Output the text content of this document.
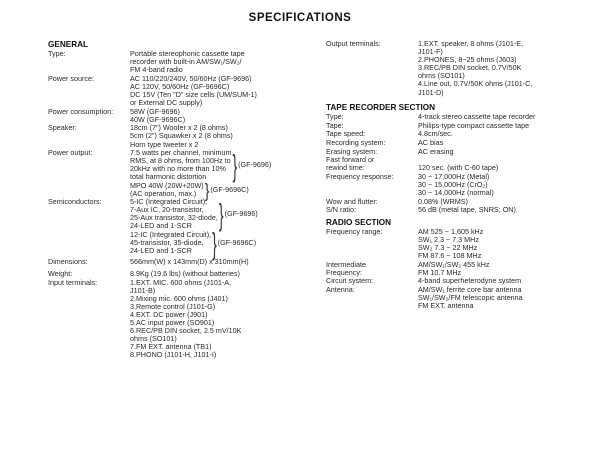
SPECIFICATIONS
GENERAL
Type:	Portable stereophonic cassette tape
recorder with built-in AM/SW₁/SW₂/
FM 4-band radio
Power source:	AC 110/220/240V, 50/60Hz (GF-9696)
AC 120V, 50/60Hz (GF-9696C)
DC 15V (Ten "D" size cells (UM/SUM-1)
or External DC supply)
Power consumption:	58W (GF-9696)
40W (GF-9696C)
Speaker:	18cm (7") Woofer x 2 (8 ohms)
5cm (2") Squawker x 2 (8 ohms)
Horn type tweeter x 2
Power output:	7.5 watts per channel, minimum
RMS, at 8 ohms, from 100Hz to
20kHz with no more than 10%
total harmonic distortion	} (GF-9696)
MPO 40W (20W+20W)
(AC operation, max.) } (GF-9696C)
Semiconductors:	5-IC (Integrated Circuit),
7-Aux IC, 20-transistor,
25-Aux transistor, 32-diode,
24-LED and 1-SCR	} (GF-9696)
12-IC (Integrated Circuit),
45-transistor, 35-diode,
24-LED and 1-SCR	} (GF-9696C)
Dimensions:	566mm(W) x 143mm(D) x 310mm(H)
Weight:	8.9Kg (19.6 lbs) (without batteries)
Input terminals:	1.EXT. MIC. 600 ohms (J101-A,
J101-B)
2.Mixing mic. 600 ohms (J401)
3.Remote control (J101-G)
4.EXT. DC power (J901)
5.AC input power (SO901)
6.REC/PB DIN socket, 2.5 mV/10K
ohms (SO101)
7.FM EXT. antenna (TB1)
8.PHONO (J101-H, J101-I)
Output terminals:	1.EXT. speaker, 8 ohms (J101-E,
J101-F)
2.PHONES, 8~25 ohms (J603)
3.REC/PB DIN socket, 0.7V/50K
ohms (SO101)
4.Line out, 0.7V/50K ohms (J101-C,
J101-D)
TAPE RECORDER SECTION
Type:	4-track stereo cassette tape recorder
Tape:	Philips-type compact cassette tape
Tape speed:	4.8cm/sec.
Recording system:	AC bias
Erasing system:	AC erasing
Fast forward or
rewind time:
	120 sec. (with C-60 tape)
Frequency response:	30 ~ 17,000Hz (Metal)
30 ~ 15,000Hz (CrO₂)
30 ~ 14,000Hz (normal)
Wow and flutter:	0.08% (WRMS)
S/N ratio:	56 dB (metal tape, SNRS; ON)
RADIO SECTION
Frequency range:	AM 525 ~ 1,605 kHz
SW₁ 2.3 ~ 7.3 MHz
SW₂ 7.3 ~ 22 MHz
FM 87.6 ~ 108 MHz
Intermediate
Frequency:
AM/SW₁/SW₂ 455 kHz
FM 10.7 MHz
Circuit system:	4-band superheterodyne system
Antenna:	AM/SW₁ ferrite core bar antenna
SW₁/SW₂/FM telescopic antenna
FM EXT. antenna
